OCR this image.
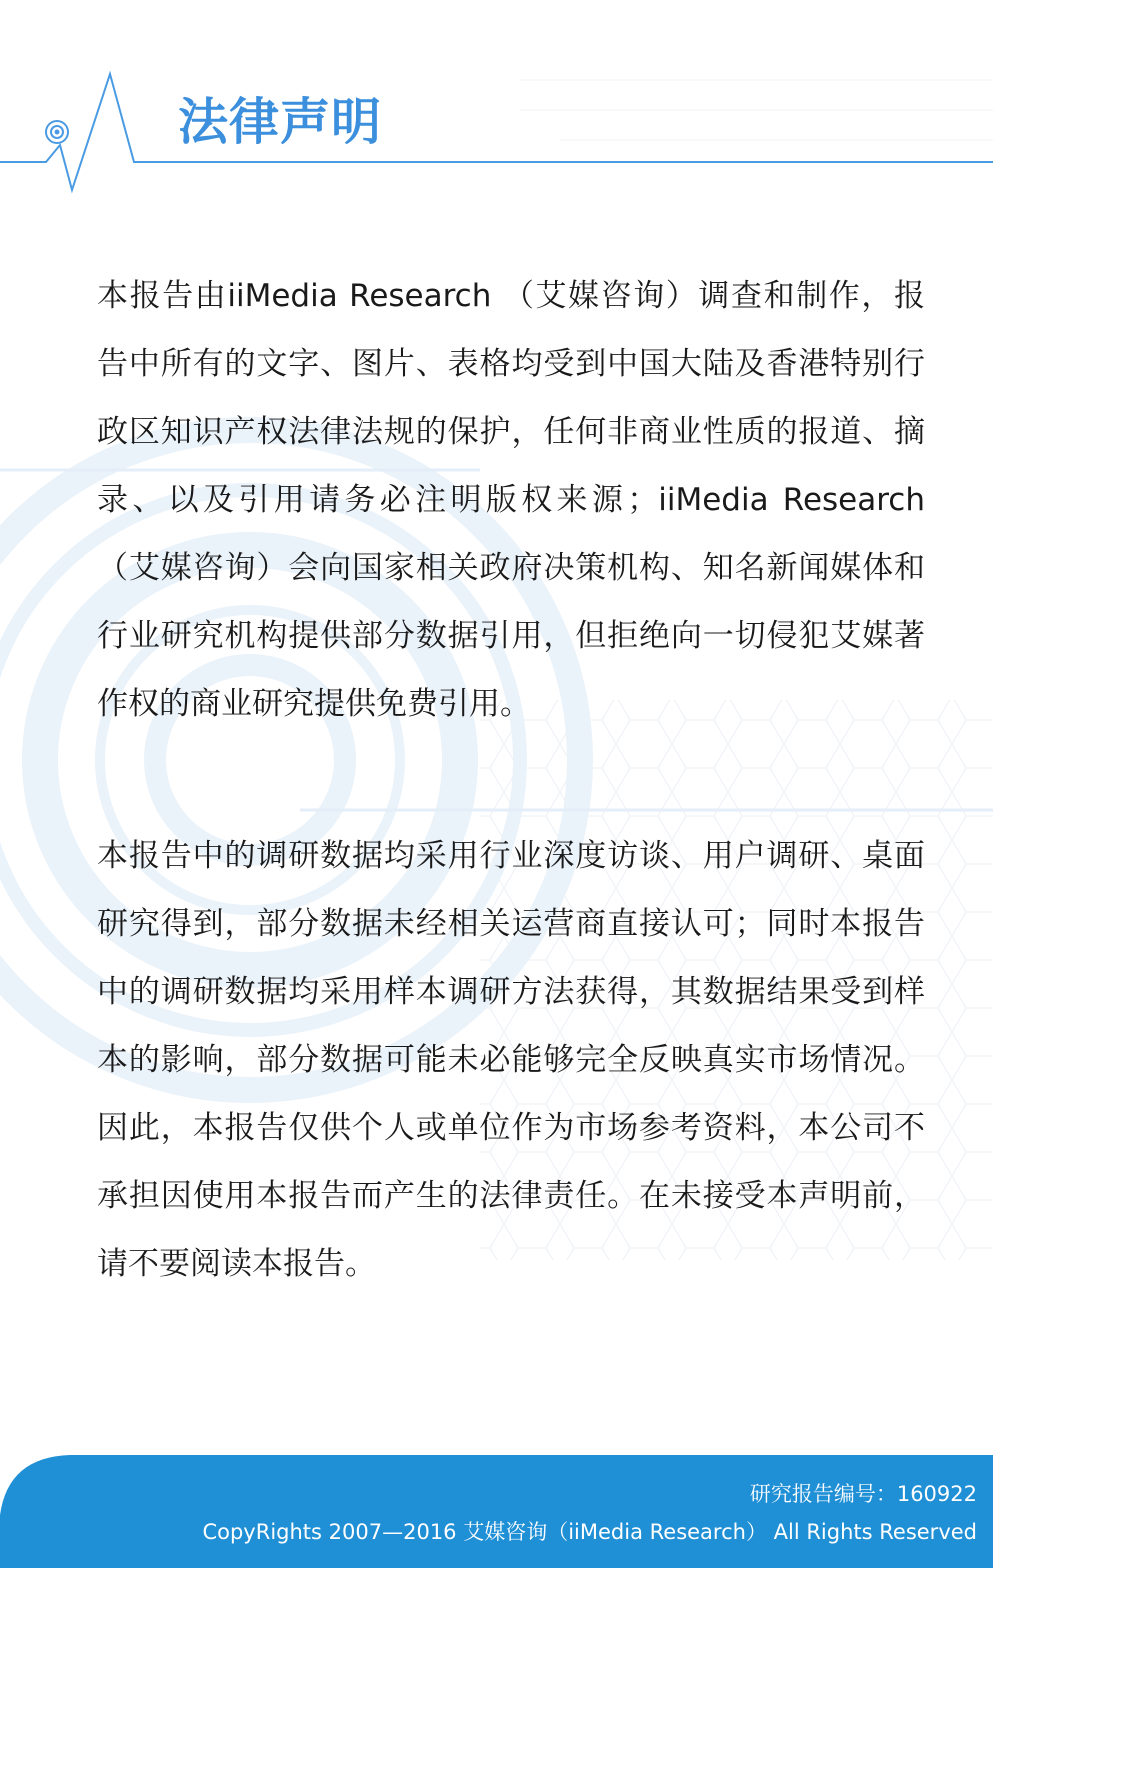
法律声明

本报告由iiMedia Research （艾媒咨询）调查和制作，报告中所有的文字、图片、表格均受到中国大陆及香港特别行政区知识产权法律法规的保护，任何非商业性质的报道、摘录、以及引用请务必注明版权来源；iiMedia Research （艾媒咨询）会向国家相关政府决策机构、知名新闻媒体和行业研究机构提供部分数据引用，但拒绝向一切侵犯艾媒著作权的商业研究提供免费引用。

本报告中的调研数据均采用行业深度访谈、用户调研、桌面研究得到，部分数据未经相关运营商直接认可；同时本报告中的调研数据均采用样本调研方法获得，其数据结果受到样本的影响，部分数据可能未必能够完全反映真实市场情况。因此，本报告仅供个人或单位作为市场参考资料，本公司不承担因使用本报告而产生的法律责任。在未接受本声明前，请不要阅读本报告。

研究报告编号：160922
CopyRights 2007—2016 艾媒咨询（iiMedia Research） All Rights Reserved
